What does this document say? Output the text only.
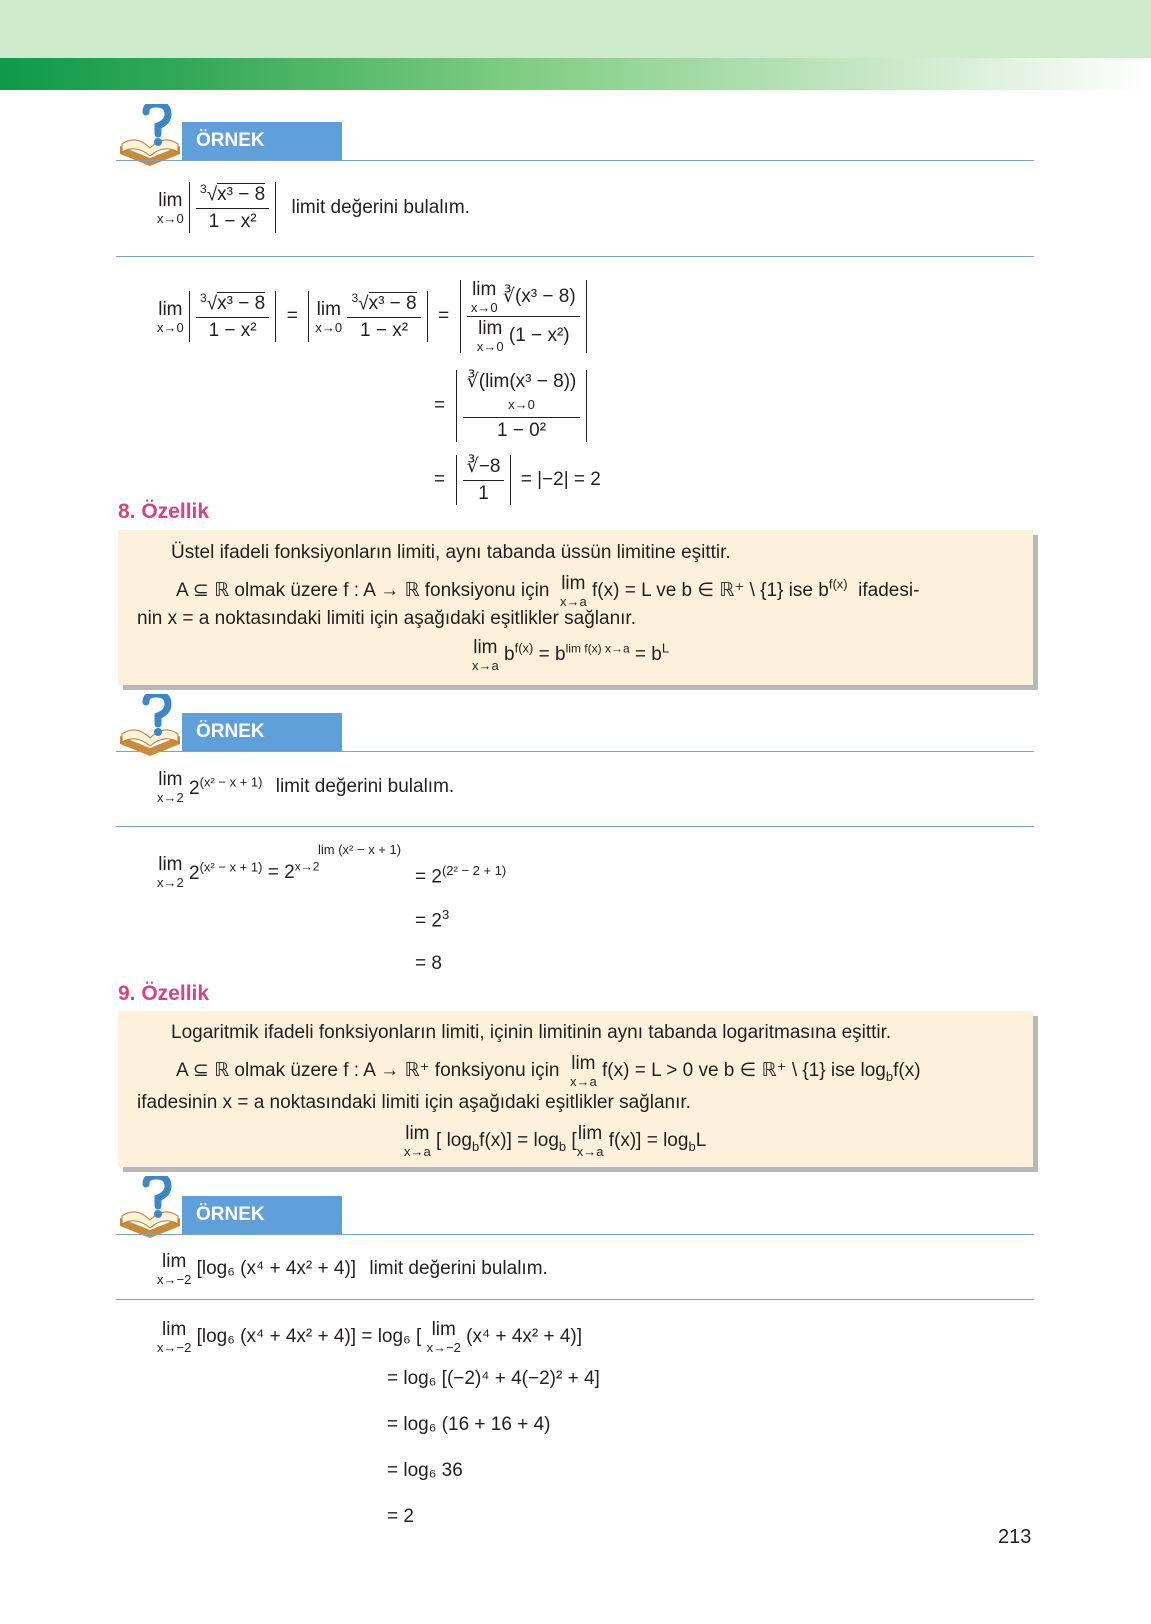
ÖRNEK
lim
x→0
$\frac{^3√x^3 - 8}{\text{1 − x²}}$ limit değerini bulalım.
lim
x→0
$\frac{^3√x^3 - 8}{\text{1 − x²}} = \lim$
x→0
$\frac{^3√x^3 - 8}{\text{1 − x²}} = \lim$
x→0
∛(x³ − 8)
lim
x→0
(1 − x²)
=
∛(lim(x³ − 8))
x→0
1 − 0²
= $\frac{∛-8}{1} = |-2| = 2$
8. Özellik
Üstel ifadeli fonksiyonların limiti, aynı tabanda üssün limitine eşittir.
A ⊆ ℝ olmak üzere f : A → ℝ fonksiyonu için lim
x→a
f(x) = L ve b ∈ ℝ⁺ \ {1} ise $b^{f(x)}$ ifadesi-
nin x = a noktasındaki limiti için aşağıdaki eşitlikler sağlanır.
lim
x→a
$b^{f(x)} = b^{lim f(x) x\to a} = b^L$
ÖRNEK
lim
x→2 $2^{(x^2 - x + 1)}$ limit değerini bulalım.
lim
x→2 $2^{(x^2 - x + 1)} = 2^{x\to 2}$
lim (x² − x + 1)
= $2^{(2^2 - 2 + 1)}$
= $2^3$
= 8
9. Özellik
Logaritmik ifadeli fonksiyonların limiti, içinin limitinin aynı tabanda logaritmasına eşittir.
A ⊆ ℝ olmak üzere f : A → ℝ⁺ fonksiyonu için lim
x→a
f(x) = L > 0 ve b ∈ ℝ⁺ \ {1} ise $\log_bf(x)$
ifadesinin x = a noktasındaki limiti için aşağıdaki eşitlikler sağlanır.
lim
x→a
[ $\log_bf(x)] = \log_b$ [ lim
x→a
$f(x)] = \log_bL$
ÖRNEK
lim
x→−2
[log₆ (x⁴ + 4x² + 4)] limit değerini bulalım.
lim
x→−2
[log₆ (x⁴ + 4x² + 4)] = log₆ [ lim
x→−2
(x⁴ + 4x² + 4)]
= log₆ [(−2)⁴ + 4(−2)² + 4]
= log₆ (16 + 16 + 4)
= log₆ 36
= 2
213
